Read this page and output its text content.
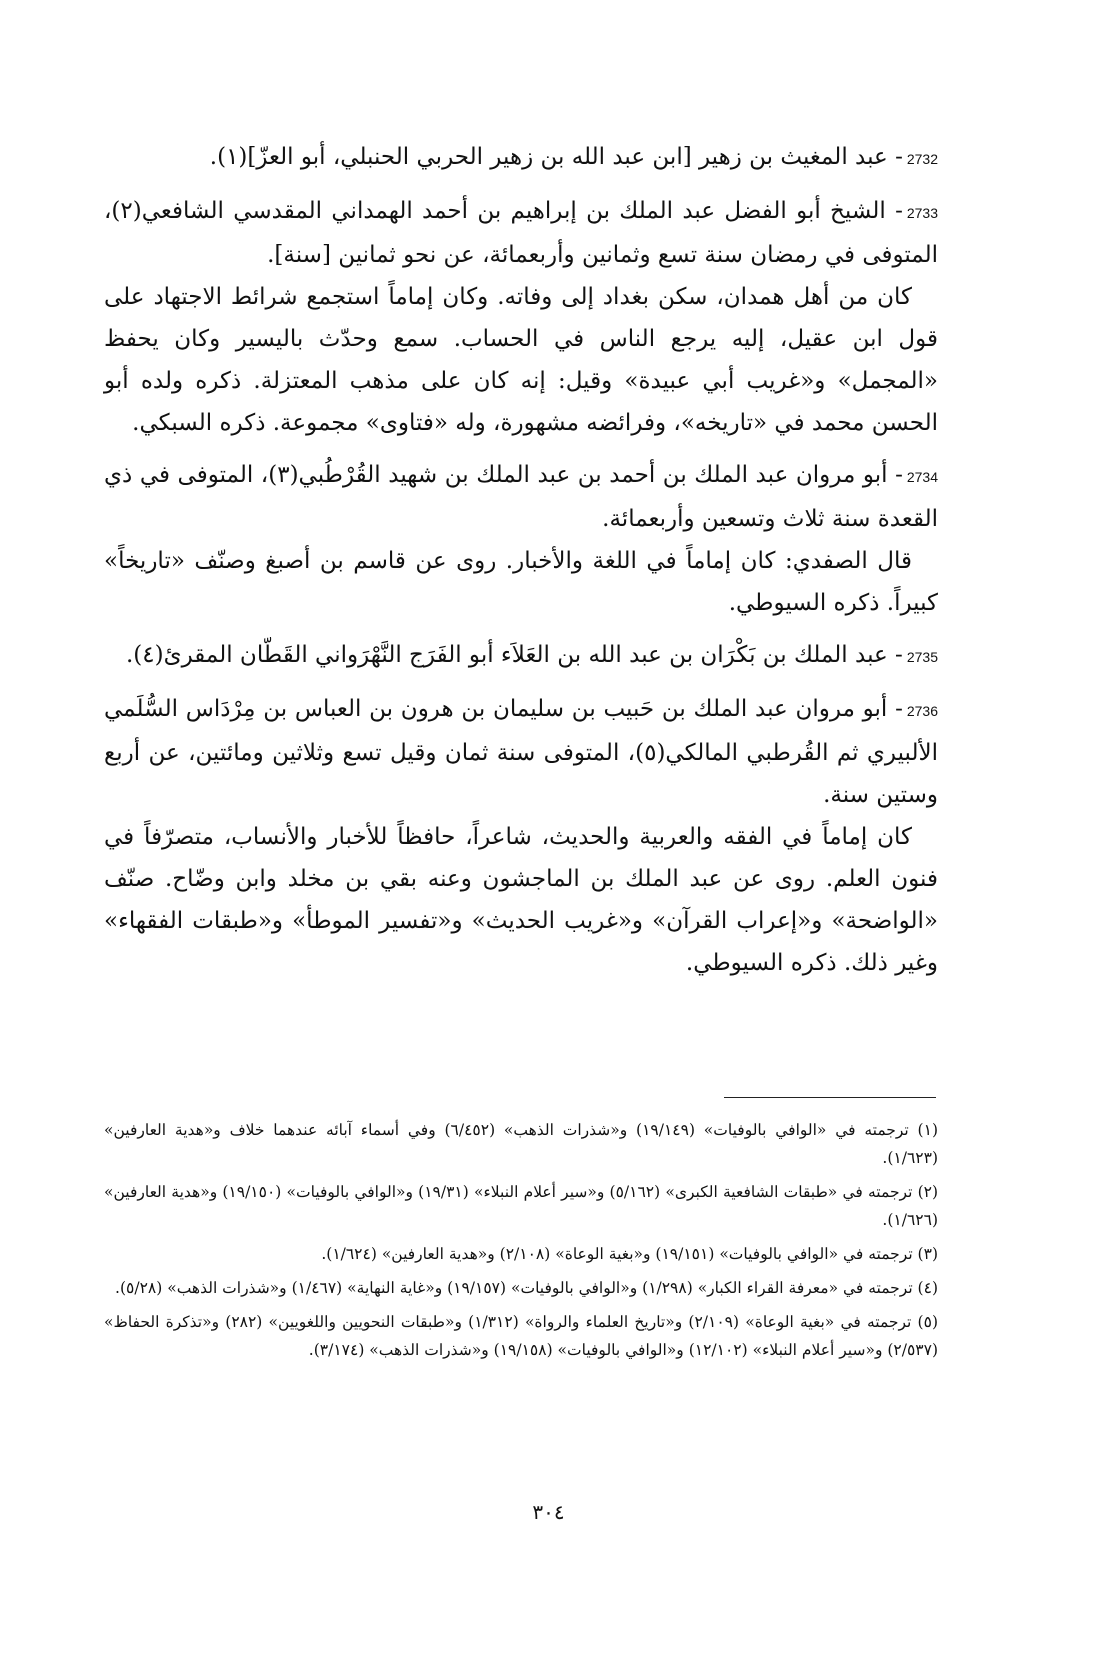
2732- عبد المغيث بن زهير [ابن عبد الله بن زهير الحربي الحنبلي، أبو العزّ](١).

2733- الشيخ أبو الفضل عبد الملك بن إبراهيم بن أحمد الهمداني المقدسي الشافعي(٢)، المتوفى في رمضان سنة تسع وثمانين وأربعمائة، عن نحو ثمانين [سنة].

كان من أهل همدان، سكن بغداد إلى وفاته. وكان إماماً استجمع شرائط الاجتهاد على قول ابن عقيل، إليه يرجع الناس في الحساب. سمع وحدّث باليسير وكان يحفظ «المجمل» و«غريب أبي عبيدة» وقيل: إنه كان على مذهب المعتزلة. ذكره ولده أبو الحسن محمد في «تاريخه»، وفرائضه مشهورة، وله «فتاوى» مجموعة. ذكره السبكي.

2734- أبو مروان عبد الملك بن أحمد بن عبد الملك بن شهيد القُرْطُبي(٣)، المتوفى في ذي القعدة سنة ثلاث وتسعين وأربعمائة.

قال الصفدي: كان إماماً في اللغة والأخبار. روى عن قاسم بن أصبغ وصنّف «تاريخاً» كبيراً. ذكره السيوطي.

2735- عبد الملك بن بَكْرَان بن عبد الله بن العَلاَء أبو الفَرَج النَّهْرَواني القَطّان المقرئ(٤).

2736- أبو مروان عبد الملك بن حَبيب بن سليمان بن هرون بن العباس بن مِرْدَاس السُّلَمي الألبيري ثم القُرطبي المالكي(٥)، المتوفى سنة ثمان وقيل تسع وثلاثين ومائتين، عن أربع وستين سنة.

كان إماماً في الفقه والعربية والحديث، شاعراً، حافظاً للأخبار والأنساب، متصرّفاً في فنون العلم. روى عن عبد الملك بن الماجشون وعنه بقي بن مخلد وابن وضّاح. صنّف «الواضحة» و«إعراب القرآن» و«غريب الحديث» و«تفسير الموطأ» و«طبقات الفقهاء» وغير ذلك. ذكره السيوطي.

(١) ترجمته في «الوافي بالوفيات» (١٩/١٤٩) و«شذرات الذهب» (٦/٤٥٢) وفي أسماء آبائه عندهما خلاف و«هدية العارفين» (١/٦٢٣).

(٢) ترجمته في «طبقات الشافعية الكبرى» (٥/١٦٢) و«سير أعلام النبلاء» (١٩/٣١) و«الوافي بالوفيات» (١٩/١٥٠) و«هدية العارفين» (١/٦٢٦).

(٣) ترجمته في «الوافي بالوفيات» (١٩/١٥١) و«بغية الوعاة» (٢/١٠٨) و«هدية العارفين» (١/٦٢٤).

(٤) ترجمته في «معرفة القراء الكبار» (١/٢٩٨) و«الوافي بالوفيات» (١٩/١٥٧) و«غاية النهاية» (١/٤٦٧) و«شذرات الذهب» (٥/٢٨).

(٥) ترجمته في «بغية الوعاة» (٢/١٠٩) و«تاريخ العلماء والرواة» (١/٣١٢) و«طبقات النحويين واللغويين» (٢٨٢) و«تذكرة الحفاظ» (٢/٥٣٧) و«سير أعلام النبلاء» (١٢/١٠٢) و«الوافي بالوفيات» (١٩/١٥٨) و«شذرات الذهب» (٣/١٧٤).

٣٠٤
